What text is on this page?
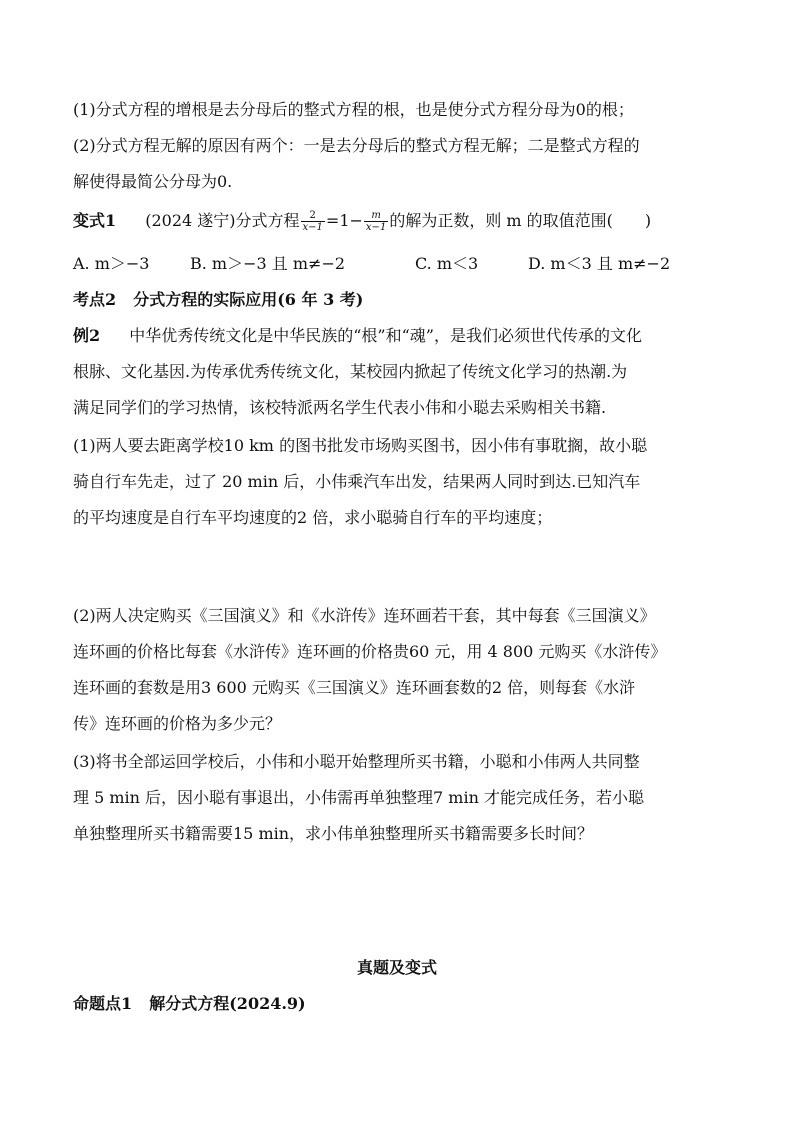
(1)分式方程的增根是去分母后的整式方程的根，也是使分式方程分母为0的根；
(2)分式方程无解的原因有两个：一是去分母后的整式方程无解；二是整式方程的
解使得最简公分母为0.
变式1 (2024 遂宁)分式方程 $\frac{2}{x-1} =1- \frac{m}{x-1}$ 的解为正数，则 m 的取值范围(　　)
A. m＞−3	B. m＞−3 且 m≠−2	C. m＜3	D. m＜3 且 m≠−2
考点2 分式方程的实际应用(6 年 3 考)
例2 中华优秀传统文化是中华民族的“根”和“魂”，是我们必须世代传承的文化
根脉、文化基因.为传承优秀传统文化，某校园内掀起了传统文化学习的热潮.为
满足同学们的学习热情，该校特派两名学生代表小伟和小聪去采购相关书籍.
(1)两人要去距离学校10 km 的图书批发市场购买图书，因小伟有事耽搁，故小聪
骑自行车先走，过了 20 min 后，小伟乘汽车出发，结果两人同时到达.已知汽车
的平均速度是自行车平均速度的2 倍，求小聪骑自行车的平均速度；
(2)两人决定购买《三国演义》和《水浒传》连环画若干套，其中每套《三国演义》
连环画的价格比每套《水浒传》连环画的价格贵60 元，用 4 800 元购买《水浒传》
连环画的套数是用3 600 元购买《三国演义》连环画套数的2 倍，则每套《水浒
传》连环画的价格为多少元？
(3)将书全部运回学校后，小伟和小聪开始整理所买书籍，小聪和小伟两人共同整
理 5 min 后，因小聪有事退出，小伟需再单独整理7 min 才能完成任务，若小聪
单独整理所买书籍需要15 min，求小伟单独整理所买书籍需要多长时间？
真题及变式
命题点1 解分式方程(2024.9)
